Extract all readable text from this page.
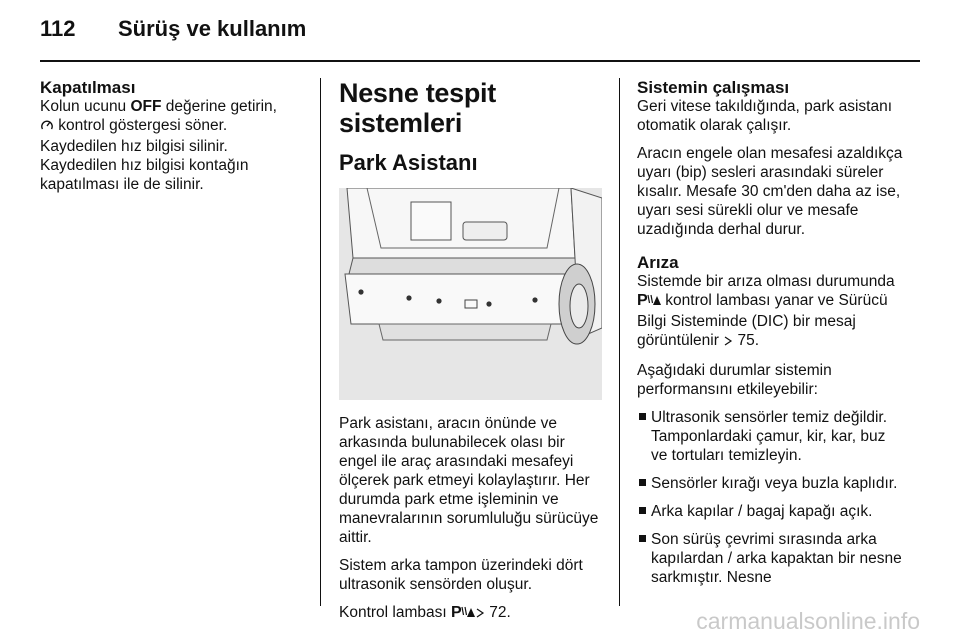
112 Sürüş ve kullanım
Kapatılması
Kolun ucunu OFF değerine getirin,
kontrol göstergesi söner.
Kaydedilen hız bilgisi silinir.
Kaydedilen hız bilgisi kontağın kapatılması ile de silinir.
Nesne tespit sistemleri
Park Asistanı

Park asistanı, aracın önünde ve arkasında bulunabilecek olası bir engel ile araç arasındaki mesafeyi ölçerek park etmeyi kolaylaştırır. Her durumda park etme işleminin ve manevralarının sorumluluğu sürücüye aittir.

Sistem arka tampon üzerindeki dört ultrasonik sensörden oluşur.

Kontrol lambası P 72.

Sistemin çalışması

Geri vitese takıldığında, park asistanı otomatik olarak çalışır.

Aracın engele olan mesafesi azaldıkça uyarı (bip) sesleri arasındaki süreler kısalır. Mesafe 30 cm'den daha az ise, uyarı sesi sürekli olur ve mesafe uzadığında derhal durur.

Arıza

Sistemde bir arıza olması durumunda

P kontrol lambası yanar ve Sürücü Bilgi Sisteminde (DIC) bir mesaj görüntülenir  75.

Aşağıdaki durumlar sistemin performansını etkileyebilir:

Ultrasonik sensörler temiz değildir. Tamponlardaki çamur, kir, kar, buz ve tortuları temizleyin.
Sensörler kırağı veya buzla kaplıdır.
Arka kapılar / bagaj kapağı açık.
Son sürüş çevrimi sırasında arka kapılardan / arka kapaktan bir nesne sarkmıştır. Nesne
carmanualsonline.info
